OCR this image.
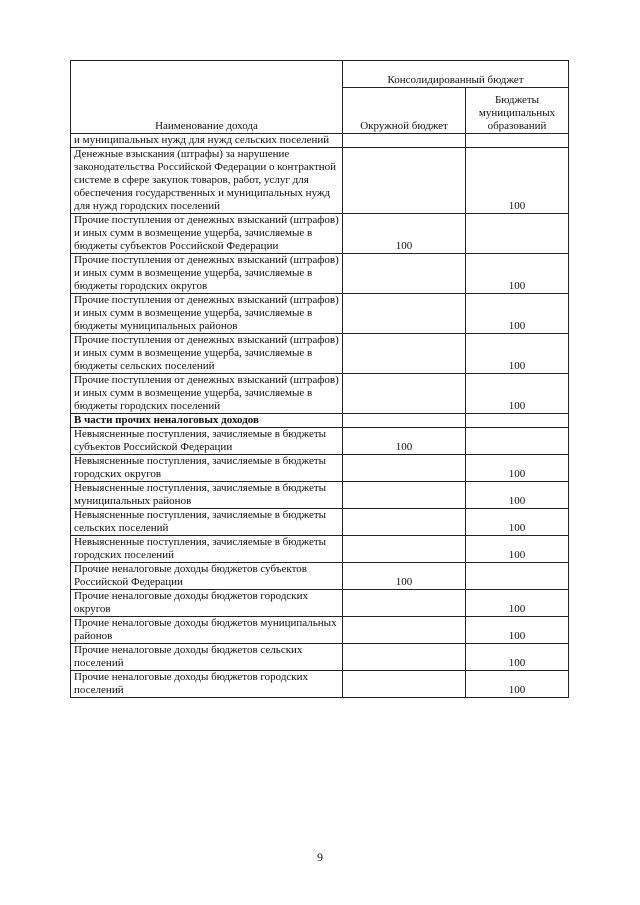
Наименование дохода	Консолидированный бюджет	
	Окружной бюджет	Бюджеты муниципальных образований
и муниципальных нужд для нужд сельских поселений		
Денежные взыскания (штрафы) за нарушение законодательства Российской Федерации о контрактной системе в сфере закупок товаров, работ, услуг для обеспечения государственных и муниципальных нужд для нужд городских поселений		100
Прочие поступления от денежных взысканий (штрафов) и иных сумм в возмещение ущерба, зачисляемые в бюджеты субъектов Российской Федерации	100	
Прочие поступления от денежных взысканий (штрафов) и иных сумм в возмещение ущерба, зачисляемые в бюджеты городских округов		100
Прочие поступления от денежных взысканий (штрафов) и иных сумм в возмещение ущерба, зачисляемые в бюджеты муниципальных районов		100
Прочие поступления от денежных взысканий (штрафов) и иных сумм в возмещение ущерба, зачисляемые в бюджеты сельских поселений		100
Прочие поступления от денежных взысканий (штрафов) и иных сумм в возмещение ущерба, зачисляемые в бюджеты городских поселений		100
В части прочих неналоговых доходов		
Невыясненные поступления, зачисляемые в бюджеты субъектов Российской Федерации	100	
Невыясненные поступления, зачисляемые в бюджеты городских округов		100
Невыясненные поступления, зачисляемые в бюджеты муниципальных районов		100
Невыясненные поступления, зачисляемые в бюджеты сельских поселений		100
Невыясненные поступления, зачисляемые в бюджеты городских поселений		100
Прочие неналоговые доходы бюджетов субъектов Российской Федерации	100	
Прочие неналоговые доходы бюджетов городских округов		100
Прочие неналоговые доходы бюджетов муниципальных районов		100
Прочие неналоговые доходы бюджетов сельских поселений		100
Прочие неналоговые доходы бюджетов городских поселений		100
9
